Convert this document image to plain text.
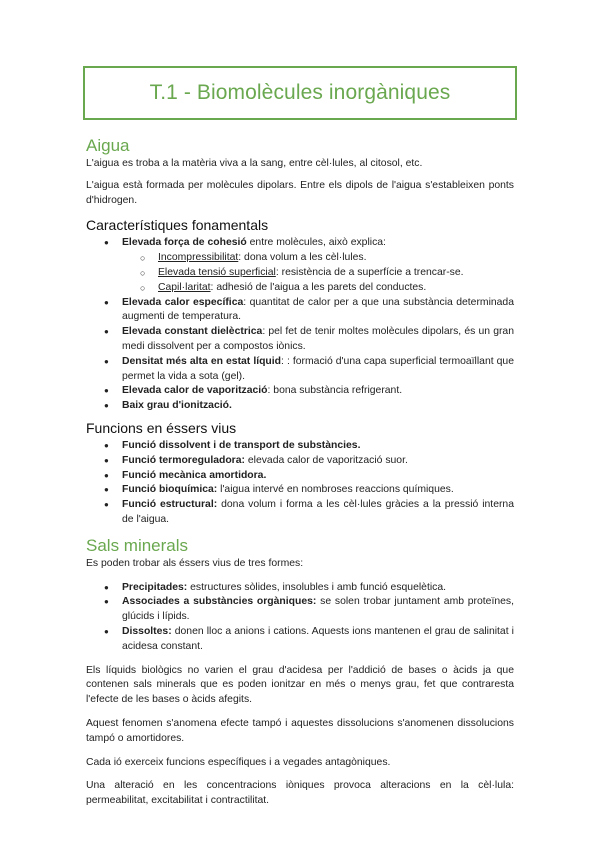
T.1 - Biomolècules inorgàniques
Aigua

L'aigua es troba a la matèria viva a la sang, entre cèl·lules, al citosol, etc.

L'aigua està formada per molècules dipolars. Entre els dipols de l'aigua s'estableixen ponts d'hidrogen.

Característiques fonamentals
● Elevada força de cohesió entre molècules, això explica:
○ Incompressibilitat: dona volum a les cèl·lules.
○ Elevada tensió superficial: resistència de a superfície a trencar-se.
○ Capil·laritat: adhesió de l'aigua a les parets del conductes.
● Elevada calor específica: quantitat de calor per a que una substància determinada augmenti de temperatura.
● Elevada constant dielèctrica: pel fet de tenir moltes molècules dipolars, és un gran medi dissolvent per a compostos iònics.
● Densitat més alta en estat líquid: : formació d'una capa superficial termoaïllant que permet la vida a sota (gel).
● Elevada calor de vaporització: bona substància refrigerant.
● Baix grau d'ionització.
Funcions en éssers vius
● Funció dissolvent i de transport de substàncies.
● Funció termoreguladora: elevada calor de vaporització suor.
● Funció mecànica amortidora.
● Funció bioquímica: l'aigua intervé en nombroses reaccions químiques.
● Funció estructural: dona volum i forma a les cèl·lules gràcies a la pressió interna de l'aigua.
Sals minerals

Es poden trobar als éssers vius de tres formes:

● Precipitades: estructures sòlides, insolubles i amb funció esquelètica.
● Associades a substàncies orgàniques: se solen trobar juntament amb proteïnes, glúcids i lípids.
● Dissoltes: donen lloc a anions i cations. Aquests ions mantenen el grau de salinitat i acidesa constant.

Els líquids biològics no varien el grau d'acidesa per l'addició de bases o àcids ja que contenen sals minerals que es poden ionitzar en més o menys grau, fet que contraresta l'efecte de les bases o àcids afegits.

Aquest fenomen s'anomena efecte tampó i aquestes dissolucions s'anomenen dissolucions tampó o amortidores.

Cada ió exerceix funcions específiques i a vegades antagòniques.

Una alteració en les concentracions iòniques provoca alteracions en la cèl·lula: permeabilitat, excitabilitat i contractilitat.
